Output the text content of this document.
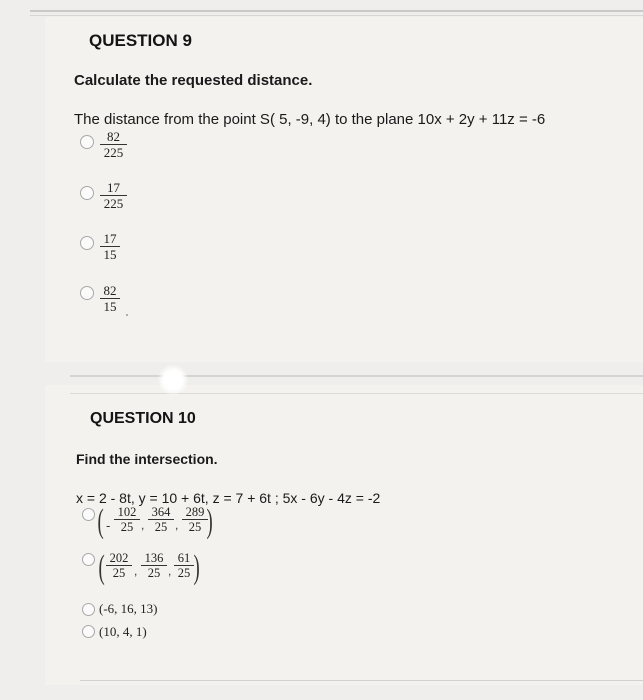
QUESTION 9
Calculate the requested distance.
The distance from the point S( 5, -9, 4) to the plane 10x + 2y + 11z = -6
$\frac{82}{225}$
$\frac{17}{225}$
$\frac{17}{15}$
$\frac{82}{15}$
QUESTION 10
Find the intersection.
x = 2 - 8t, y = 10 + 6t, z = 7 + 6t ; 5x - 6y - 4z = -2
( - $\frac{102}{25}$ , $\frac{364}{25}$ , $\frac{289}{25}$
)
( $\frac{202}{25}$ , $\frac{136}{25}$ , $\frac{61}{25}$ )
(-6, 16, 13)
(10, 4, 1)
